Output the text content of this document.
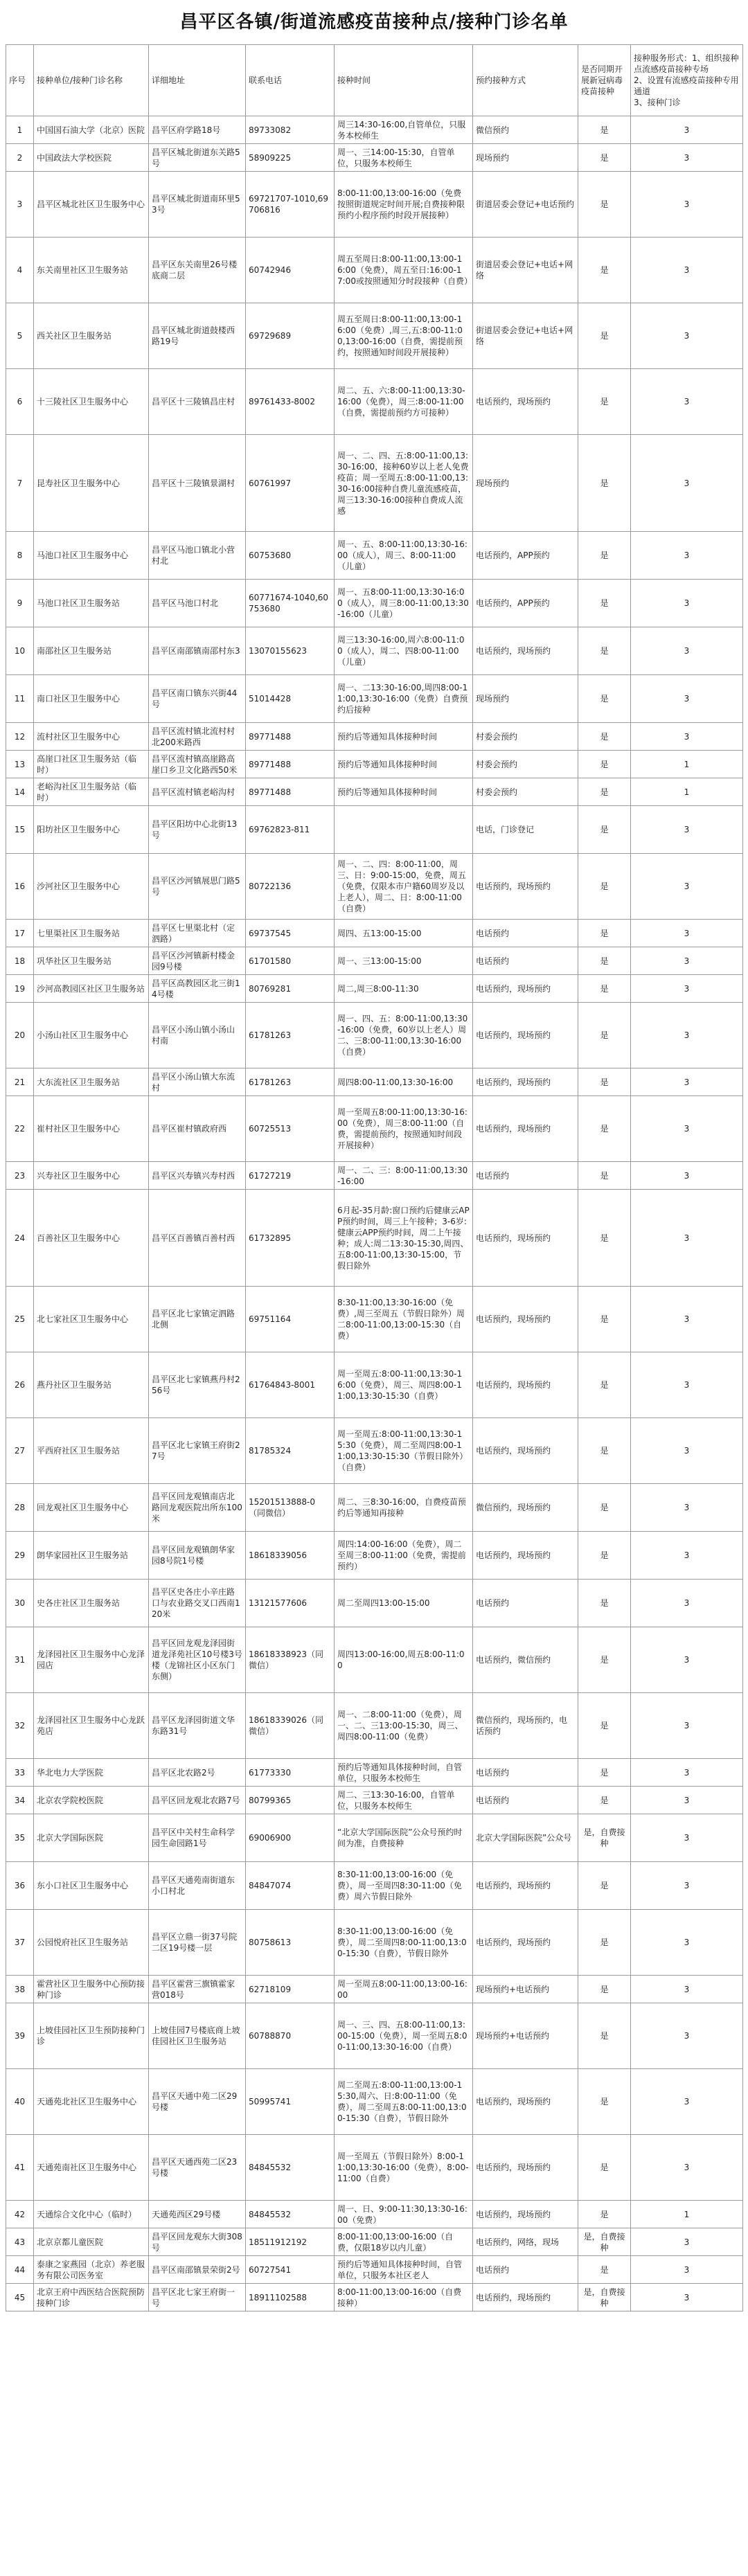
昌平区各镇/街道流感疫苗接种点/接种门诊名单
序号	接种单位/接种门诊名称	详细地址	联系电话	接种时间	预约接种方式	是否同期开展新冠病毒疫苗接种	接种服务形式：1、组织接种点流感疫苗接种专场
2、设置有流感疫苗接种专用通道
3、接种门诊
1	中国国石油大学（北京）医院	昌平区府学路18号	89733082	周三14:30-16:00,自管单位，只服务本校师生	微信预约	是	3
2	中国政法大学校医院	昌平区城北街道东关路5号	58909225	周一、三14:00-15:30，自管单位，只服务本校师生	现场预约	是	3
3	昌平区城北社区卫生服务中心	昌平区城北街道南环里53号	69721707-1010,69706816	8:00-11:00,13:00-16:00（免费按照街道规定时间开展;自费接种限预约小程序预约时段开展接种）	街道居委会登记+电话预约	是	3
4	东关南里社区卫生服务站	昌平区东关南里26号楼底商二层	60742946	周五至周日:8:00-11:00,13:00-16:00（免费），周五至日:16:00-17:00或按照通知分时段接种（自费）	街道居委会登记+电话+网络	是	3
5	西关社区卫生服务站	昌平区城北街道鼓楼西路19号	69729689	周五至周日:8:00-11:00,13:00-16:00（免费）,周三,五:8:00-11:00,13:00-16:00（自费，需提前预约，按照通知时间段开展接种）	街道居委会登记+电话+网络	是	3
6	十三陵社区卫生服务中心	昌平区十三陵镇昌庄村	89761433-8002	周二、五、六:8:00-11:00,13:30-16:00（免费），周三:8:00-11:00（自费，需提前预约方可接种）	电话预约，现场预约	是	3
7	昆寿社区卫生服务中心	昌平区十三陵镇景湖村	60761997	周一、二、四、五:8:00-11:00,13:30-16:00，接种60岁以上老人免费疫苗；周一至周五:8:00-11:00,13:30-16:00接种自费儿童流感疫苗，周三13:30-16:00接种自费成人流感	现场预约	是	3
8	马池口社区卫生服务中心	昌平区马池口镇北小营村北	60753680	周一、五、8:00-11:00,13:30-16:00（成人），周三、8:00-11:00（儿童）	电话预约，APP预约	是	3
9	马池口社区卫生服务站	昌平区马池口村北	60771674-1040,60753680	周一、五8:00-11:00,13:30-16:00（成人），周三8:00-11:00,13:30-16:00（儿童）	电话预约，APP预约	是	3
10	南邵社区卫生服务站	昌平区南邵镇南邵村东3	13070155623	周三13:30-16:00,周六8:00-11:00（成人），周二、四8:00-11:00（儿童）	电话预约，现场预约	是	3
11	南口社区卫生服务中心	昌平区南口镇东兴街44号	51014428	周一、二13:30-16:00,周四8:00-11:00,13:30-16:00（免费）自费预约后接种	现场预约	是	3
12	流村社区卫生服务中心	昌平区流村镇北流村村北200米路西	89771488	预约后等通知具体接种时间	村委会预约	是	3
13	高崖口社区卫生服务站（临时）	昌平区流村镇高崖路高崖口乡卫文化路西50米	89771488	预约后等通知具体接种时间	村委会预约	是	1
14	老峪沟社区卫生服务站（临时）	昌平区流村镇老峪沟村	89771488	预约后等通知具体接种时间	村委会预约	是	1
15	阳坊社区卫生服务中心	昌平区阳坊中心北街13号	69762823-811		电话，门诊登记	是	3
16	沙河社区卫生服务中心	昌平区沙河镇展思门路5号	80722136	周一、二、四：8:00-11:00，周三、日：9:00-15:00，免费，周五（免费，仅限本市户籍60周岁及以上老人），周二、日：8:00-11:00（自费）	电话预约，现场预约	是	3
17	七里渠社区卫生服务站	昌平区七里渠北村（定泗路）	69737545	周四、五13:00-15:00	电话预约	是	3
18	巩华社区卫生服务站	昌平区沙河镇新村楼金园9号楼	61701580	周一、三13:00-15:00	电话预约	是	3
19	沙河高教园区社区卫生服务站	昌平区高教园区北三街14号楼	80769281	周二,周三8:00-11:30	电话预约，现场预约	是	3
20	小汤山社区卫生服务中心	昌平区小汤山镇小汤山村南	61781263	周一、四、五：8:00-11:00,13:30-16:00（免费，60岁以上老人）周二、三8:00-11:00,13:30-16:00（自费）	电话预约，现场预约	是	3
21	大东流社区卫生服务站	昌平区小汤山镇大东流村	61781263	周四8:00-11:00,13:30-16:00	电话预约，现场预约	是	3
22	崔村社区卫生服务中心	昌平区崔村镇政府西	60725513	周一至周五8:00-11:00,13:30-16:00（免费），周三8:00-11:00（自费，需提前预约，按照通知时间段开展接种）	电话预约，现场预约	是	3
23	兴寿社区卫生服务中心	昌平区兴寿镇兴寿村西	61727219	周一、二、三：8:00-11:00,13:30-16:00	电话预约	是	3
24	百善社区卫生服务中心	昌平区百善镇百善村西	61732895	6月起-35月龄:窗口预约后健康云APP预约时间，周三上午接种；3-6岁:健康云APP预约时间，周二上午接种；成人:周二13:30-15:30,周四、五8:00-11:00,13:30-15:00，节假日除外	电话预约，现场预约	是	3
25	北七家社区卫生服务中心	昌平区北七家镇定泗路北侧	69751164	8:30-11:00,13:30-16:00（免费）,周三至周五（节假日除外）周二8:00-11:00,13:00-15:30（自费）	电话预约，现场预约	是	3
26	燕丹社区卫生服务站	昌平区北七家镇燕丹村256号	61764843-8001	周一至周五:8:00-11:00,13:30-16:00（免费），周三、周四8:00-11:00,13:30-15:30（自费）	电话预约，现场预约	是	3
27	平西府社区卫生服务站	昌平区北七家镇王府街27号	81785324	周一至周五:8:00-11:00,13:30-15:30（免费），周二至周四8:00-11:00,13:30-15:30（节假日除外）（自费）	电话预约，现场预约	是	3
28	回龙观社区卫生服务中心	昌平区回龙观镇南店北路回龙观医院出所东100米	15201513888-0（同微信）	周二、三8:30-16:00，自费疫苗预约后等通知再接种	微信预约，现场预约	是	3
29	朗华家园社区卫生服务站	昌平区回龙观镇朗华家园8号院1号楼	18618339056	周四:14:00-16:00（免费），周二至周三8:00-11:00（免费，需提前预约）	电话预约，现场预约	是	3
30	史各庄社区卫生服务站	昌平区史各庄小辛庄路口与农业路交叉口西南120米	13121577606	周二至周四13:00-15:00	电话预约	是	3
31	龙泽园社区卫生服务中心龙泽园店	昌平区回龙观龙泽园街道龙泽苑社区10号楼3号楼（龙锦社区小区东门东侧）	18618338923（同微信）	周四13:00-16:00,周五8:00-11:00	电话预约，微信预约	是	3
32	龙泽园社区卫生服务中心龙跃苑店	昌平区龙泽园街道文华东路31号	18618339026（同微信）	周一、二8:00-11:00（免费），周一、二、三13:00-15:30，周三、周四8:00-11:00（免费）	微信预约，现场预约，电话预约	是	3
33	华北电力大学医院	昌平区北农路2号	61773330	预约后等通知具体接种时间，自管单位，只服务本校师生	电话预约	是	3
34	北京农学院校医院	昌平区回龙观北农路7号	80799365	周二、三13:30-16:00，自管单位，只服务本校师生	电话预约	是	3
35	北京大学国际医院	昌平区中关村生命科学园生命园路1号	69006900	“北京大学国际医院”公众号预约时间为准，自费接种	北京大学国际医院”公众号	是，自费接种	3
36	东小口社区卫生服务中心	昌平区天通苑南街道东小口村北	84847074	8:30-11:00,13:00-16:00（免费），周一至周四8:30-11:00（免费）周六节假日除外	电话预约，现场预约	是	3
37	公园悦府社区卫生服务站	昌平区立鼎一街37号院二区19号楼一层	80758613	8:30-11:00,13:00-16:00（免费），周二至周四8:00-11:00,13:00-15:30（自费），节假日除外	电话预约，现场预约	是	3
38	霍营社区卫生服务中心预防接种门诊	昌平区霍营三旗镇霍家营018号	62718109	周一至周五8:00-11:00,13:00-16:00	现场预约+电话预约	是	3
39	上坡佳园社区卫生预防接种门诊	上坡佳园7号楼底商上坡佳园社区卫生服务站	60788870	周一、三、四、五8:00-11:00,13:00-15:00（免费），周一至周五8:00-11:00,13:30-16:00（自费）	现场预约+电话预约	是	3
40	天通苑北社区卫生服务中心	昌平区天通中苑二区29号楼	50995741	周二至周五:8:00-11:00,13:00-15:30,周六、日:8:00-11:00（免费），周二至周五8:00-11:00,13:00-15:30（自费），节假日除外	电话预约，现场预约	是	3
41	天通苑南社区卫生服务中心	昌平区天通西苑二区23号楼	84845532	周一至周五（节假日除外）8:00-11:00,13:30-16:00（免费），8:00-11:00（自费）	电话预约，现场预约	是	3
42	天通综合文化中心（临时）	天通苑西区29号楼	84845532	周一、日、9:00-11:30,13:30-16:00（免费）	电话预约，现场预约	是	1
43	北京京都儿童医院	昌平区回龙观东大街308号	18511912192	8:00-11:00,13:00-16:00（自费，仅限18岁以内儿童）	电话预约，网络，现场	是，自费接种	3
44	泰康之家燕园（北京）养老服务有限公司医务室	昌平区南邵镇景荣街2号	60727541	预约后等通知具体接种时间，自管单位，只服务本社区老人	电话预约	是	3
45	北京王府中西医结合医院预防接种门诊	昌平区北七家王府街一号	18911102588	8:00-11:00,13:00-16:00（自费接种）	电话预约，现场预约	是，自费接种	3
